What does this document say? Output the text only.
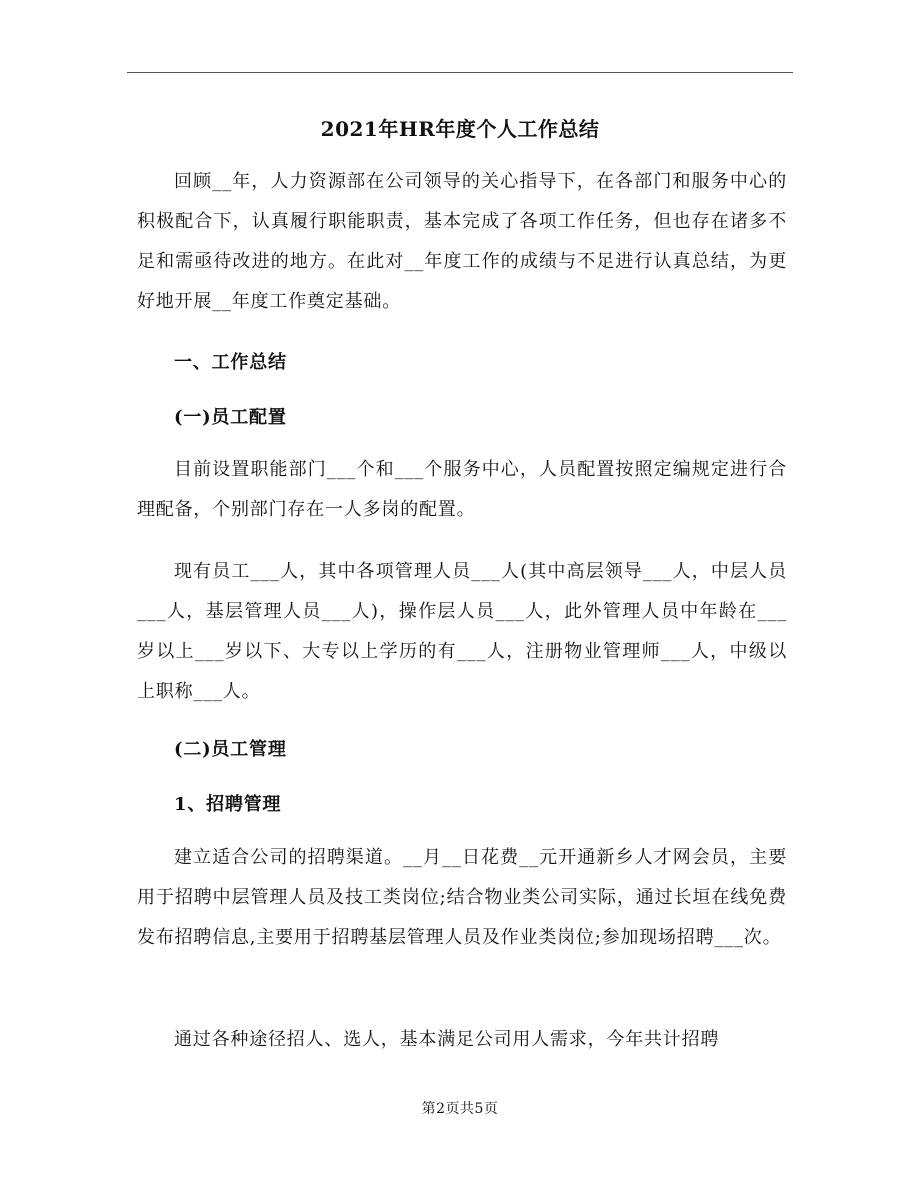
2021年HR年度个人工作总结
回顾__年，人力资源部在公司领导的关心指导下，在各部门和服务中心的积极配合下，认真履行职能职责，基本完成了各项工作任务，但也存在诸多不足和需亟待改进的地方。在此对__年度工作的成绩与不足进行认真总结，为更好地开展__年度工作奠定基础。
一、工作总结
(一)员工配置
目前设置职能部门___个和___个服务中心，人员配置按照定编规定进行合理配备，个别部门存在一人多岗的配置。
现有员工___人，其中各项管理人员___人(其中高层领导___人，中层人员___人，基层管理人员___人)，操作层人员___人，此外管理人员中年龄在___岁以上___岁以下、大专以上学历的有___人，注册物业管理师___人，中级以上职称___人。
(二)员工管理
1、招聘管理
建立适合公司的招聘渠道。__月__日花费__元开通新乡人才网会员，主要用于招聘中层管理人员及技工类岗位;结合物业类公司实际，通过长垣在线免费发布招聘信息,主要用于招聘基层管理人员及作业类岗位;参加现场招聘___次。
通过各种途径招人、选人，基本满足公司用人需求，今年共计招聘
第2页共5页
